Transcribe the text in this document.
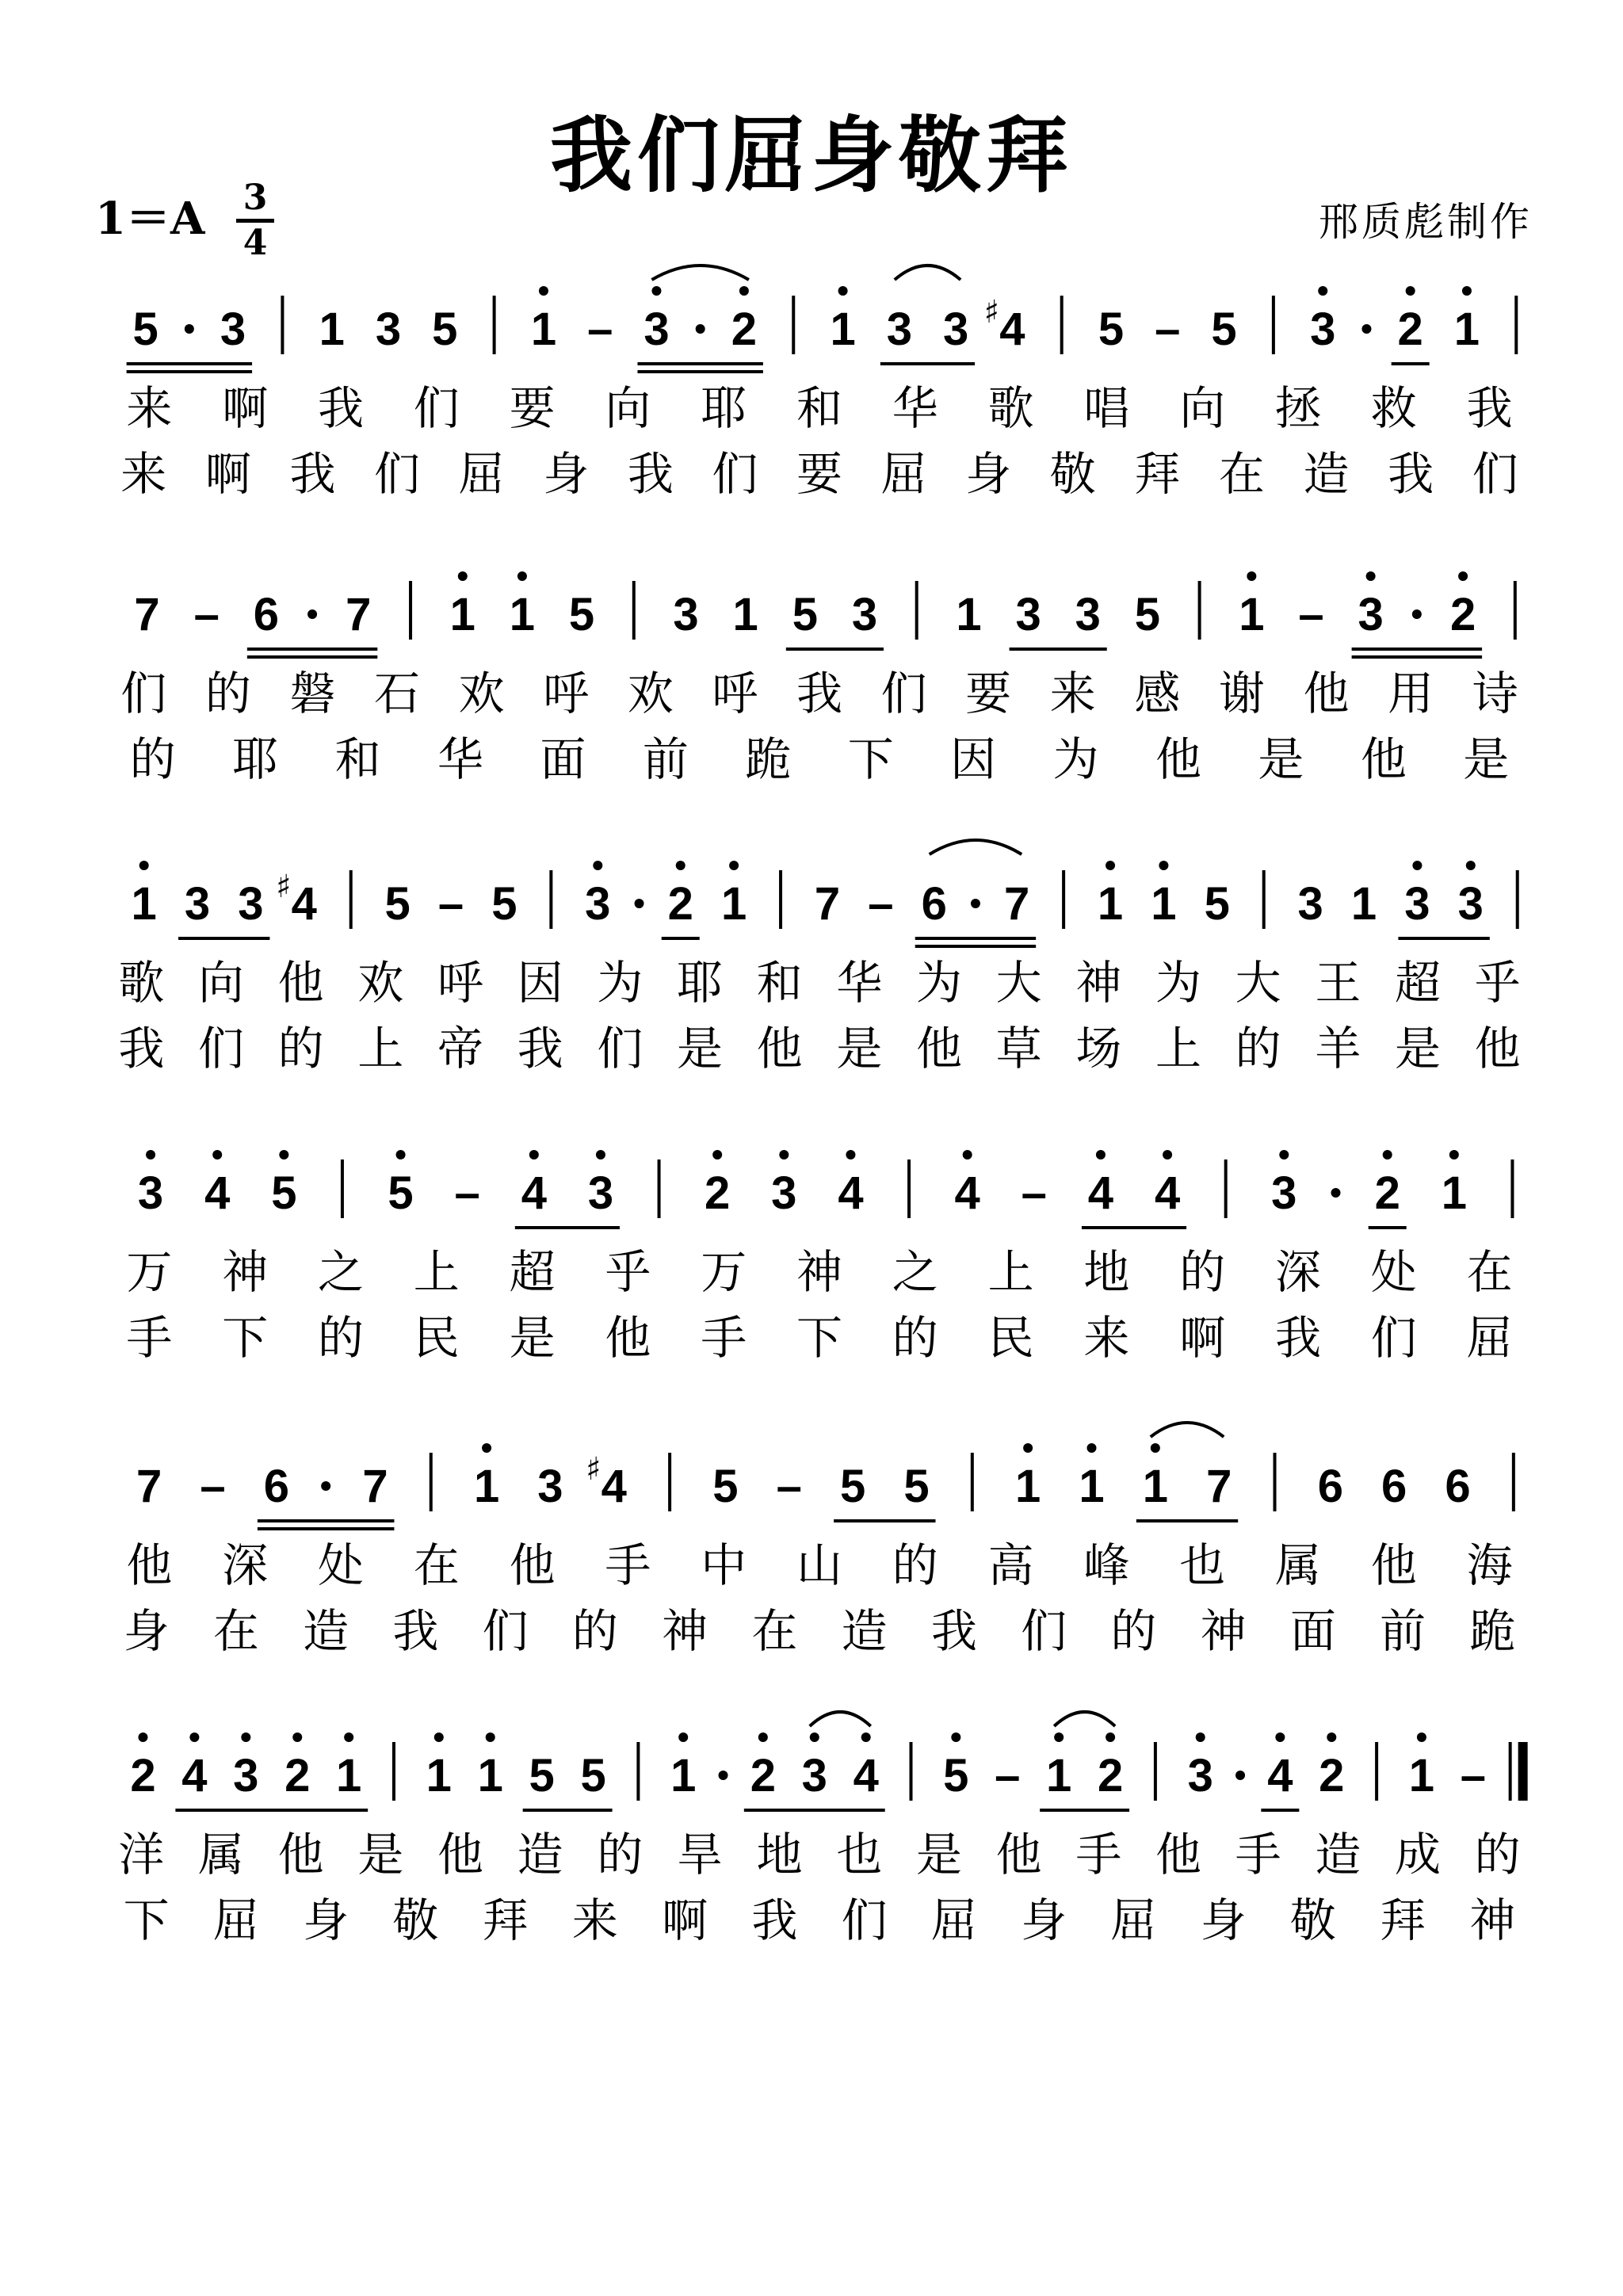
我们屈身敬拜
1＝A 3
4	邢质彪制作
5 3 1 3 5 1 – 3 2 1 3 3 ♯ 4 5 – 5 3 2 1
来 啊 我 们 要 向 耶 和 华 歌 唱 向 拯 救 我
来 啊 我 们 屈 身 我 们 要 屈 身 敬 拜 在 造 我 们
7 – 6 7 1 1 5 3 1 5 3 1 3 3 5 1 – 3 2
们 的 磐 石 欢 呼 欢 呼 我 们 要 来 感 谢 他 用 诗
的 耶 和 华 面 前 跪 下 因 为 他 是 他 是
1 3 3 ♯ 4 5 – 5 3 2 1 7 – 6 7 1 1 5 3 1 3 3
歌 向 他 欢 呼 因 为 耶 和 华 为 大 神 为 大 王 超 乎
我 们 的 上 帝 我 们 是 他 是 他 草 场 上 的 羊 是 他
3 4 5 5 – 4 3 2 3 4 4 – 4 4 3 2 1
万 神 之 上 超 乎 万 神 之 上 地 的 深 处 在
手 下 的 民 是 他 手 下 的 民 来 啊 我 们 屈
7 – 6 7 1 3 ♯ 4 5 – 5 5 1 1 1 7 6 6 6
他 深 处 在 他 手 中 山 的 高 峰 也 属 他 海
身 在 造 我 们 的 神 在 造 我 们 的 神 面 前 跪
2 4 3 2 1 1 1 5 5 1 2 3 4 5 – 1 2 3 4 2 1 –
洋 属 他 是 他 造 的 旱 地 也 是 他 手 他 手 造 成 的
下 屈 身 敬 拜 来 啊 我 们 屈 身 屈 身 敬 拜 神
